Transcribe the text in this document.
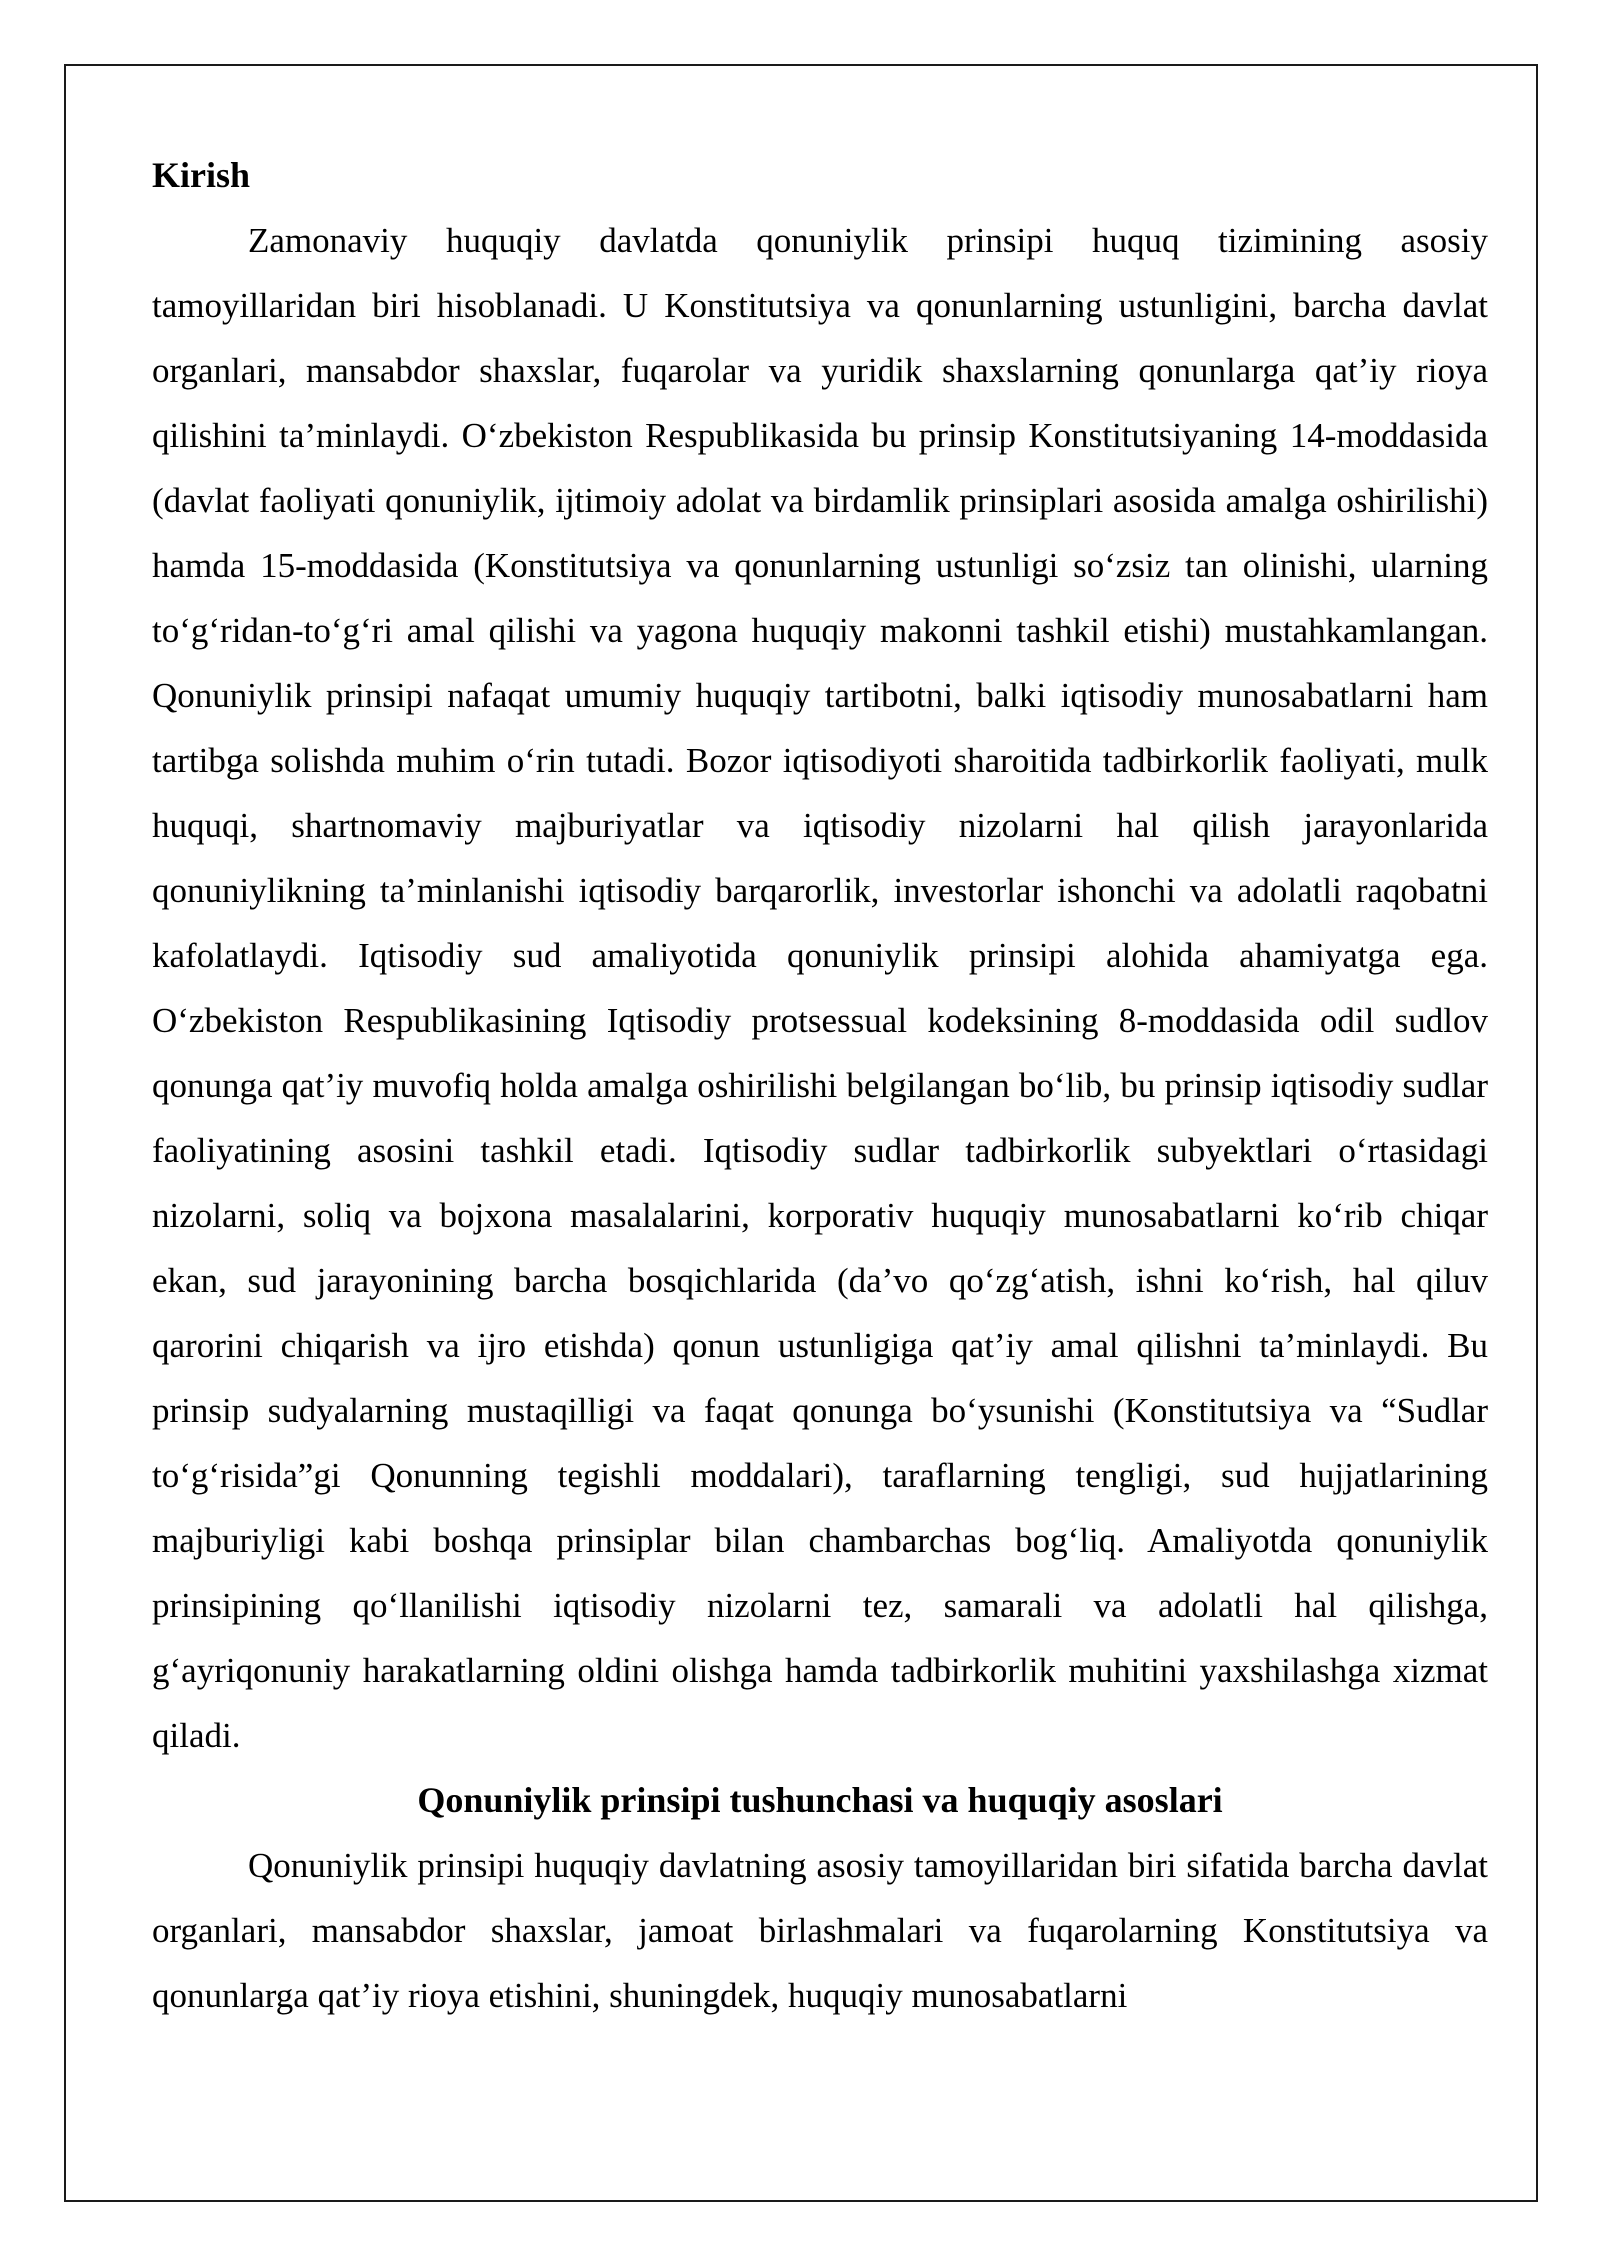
Kirish

Zamonaviy huquqiy davlatda qonuniylik prinsipi huquq tizimining asosiy tamoyillaridan biri hisoblanadi. U Konstitutsiya va qonunlarning ustunligini, barcha davlat organlari, mansabdor shaxslar, fuqarolar va yuridik shaxslarning qonunlarga qat’iy rioya qilishini ta’minlaydi. O‘zbekiston Respublikasida bu prinsip Konstitutsiyaning 14-moddasida (davlat faoliyati qonuniylik, ijtimoiy adolat va birdamlik prinsiplari asosida amalga oshirilishi) hamda 15-moddasida (Konstitutsiya va qonunlarning ustunligi so‘zsiz tan olinishi, ularning to‘g‘ridan-to‘g‘ri amal qilishi va yagona huquqiy makonni tashkil etishi) mustahkamlangan. Qonuniylik prinsipi nafaqat umumiy huquqiy tartibotni, balki iqtisodiy munosabatlarni ham tartibga solishda muhim o‘rin tutadi. Bozor iqtisodiyoti sharoitida tadbirkorlik faoliyati, mulk huquqi, shartnomaviy majburiyatlar va iqtisodiy nizolarni hal qilish jarayonlarida qonuniylikning ta’minlanishi iqtisodiy barqarorlik, investorlar ishonchi va adolatli raqobatni kafolatlaydi. Iqtisodiy sud amaliyotida qonuniylik prinsipi alohida ahamiyatga ega. O‘zbekiston Respublikasining Iqtisodiy protsessual kodeksining 8-moddasida odil sudlov qonunga qat’iy muvofiq holda amalga oshirilishi belgilangan bo‘lib, bu prinsip iqtisodiy sudlar faoliyatining asosini tashkil etadi. Iqtisodiy sudlar tadbirkorlik subyektlari o‘rtasidagi nizolarni, soliq va bojxona masalalarini, korporativ huquqiy munosabatlarni ko‘rib chiqar ekan, sud jarayonining barcha bosqichlarida (da’vo qo‘zg‘atish, ishni ko‘rish, hal qiluv qarorini chiqarish va ijro etishda) qonun ustunligiga qat’iy amal qilishni ta’minlaydi. Bu prinsip sudyalarning mustaqilligi va faqat qonunga bo‘ysunishi (Konstitutsiya va “Sudlar to‘g‘risida”gi Qonunning tegishli moddalari), taraflarning tengligi, sud hujjatlarining majburiyligi kabi boshqa prinsiplar bilan chambarchas bog‘liq. Amaliyotda qonuniylik prinsipining qo‘llanilishi iqtisodiy nizolarni tez, samarali va adolatli hal qilishga, g‘ayriqonuniy harakatlarning oldini olishga hamda tadbirkorlik muhitini yaxshilashga xizmat qiladi.

Qonuniylik prinsipi tushunchasi va huquqiy asoslari

Qonuniylik prinsipi huquqiy davlatning asosiy tamoyillaridan biri sifatida barcha davlat organlari, mansabdor shaxslar, jamoat birlashmalari va fuqarolarning Konstitutsiya va qonunlarga qat’iy rioya etishini, shuningdek, huquqiy munosabatlarni
